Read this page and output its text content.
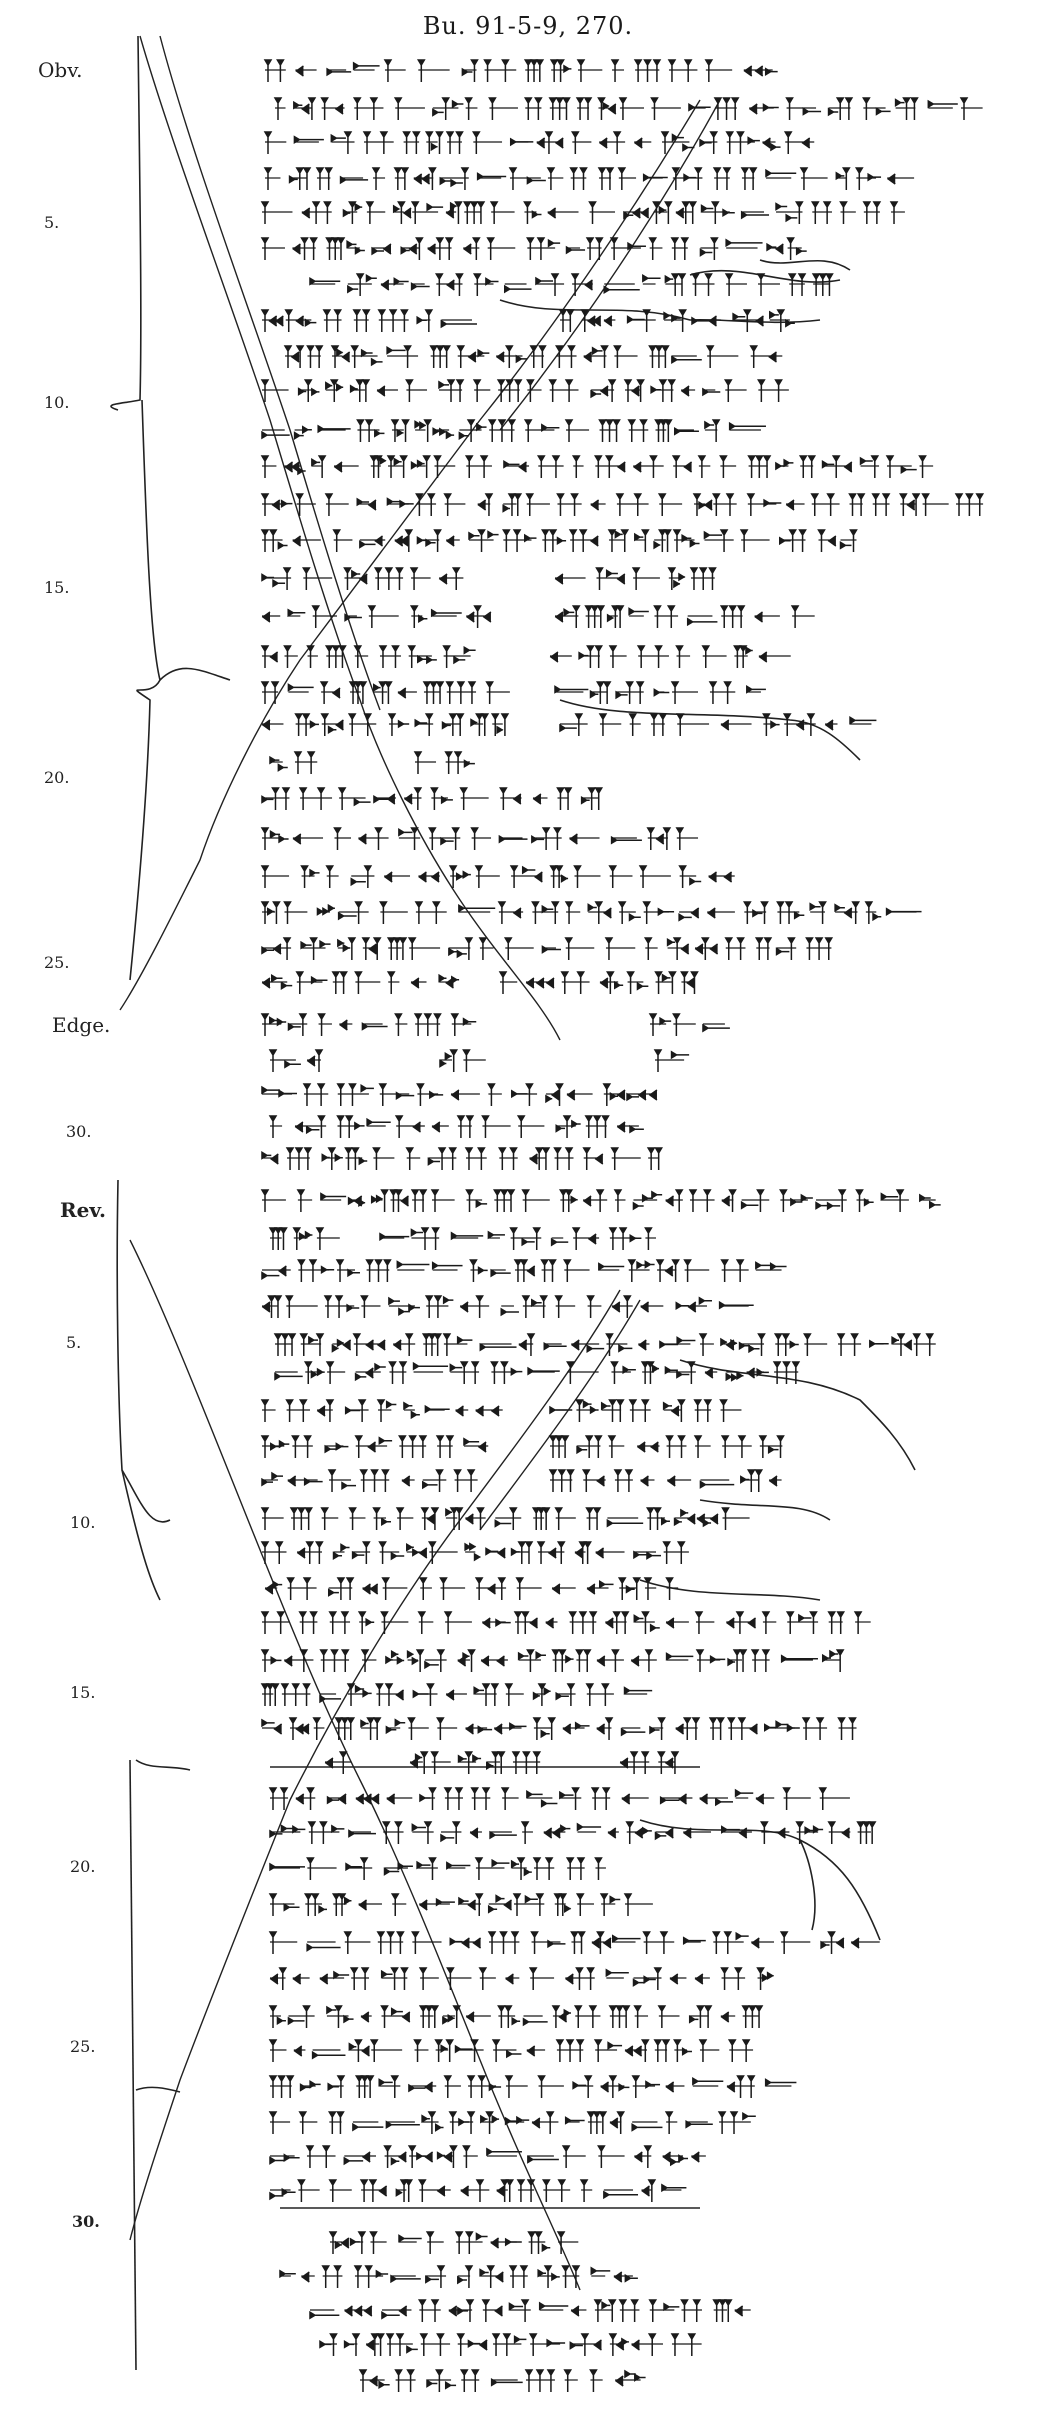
Bu. 91-5-9, 270.
Obv.
5.
10.
15.
20.
25.
Edge.
30.
Rev.
5.
10.
15.
20.
25.
30.
